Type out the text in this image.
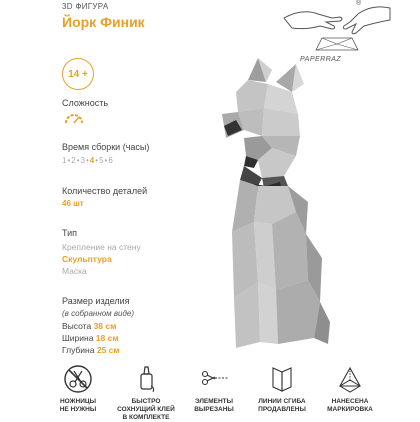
3D ФИГУРА
Йорк Финик
PAPERRAZ
®
14 +
Сложность
Время сборки (часы)
1•2•3•4•5•6
Количество деталей
46 шт
Тип
Крепление на стену
Скульптура
Маска
Размер изделия
(в собранном виде)
Высота 38 см
Ширина 18 см
Глубина 25 см
НОЖНИЦЫ
НЕ НУЖНЫ
БЫСТРО
СОХНУЩИЙ КЛЕЙ
В КОМПЛЕКТЕ
ЭЛЕМЕНТЫ
ВЫРЕЗАНЫ
ЛИНИИ СГИБА
ПРОДАВЛЕНЫ
НАНЕСЕНА
МАРКИРОВКА
